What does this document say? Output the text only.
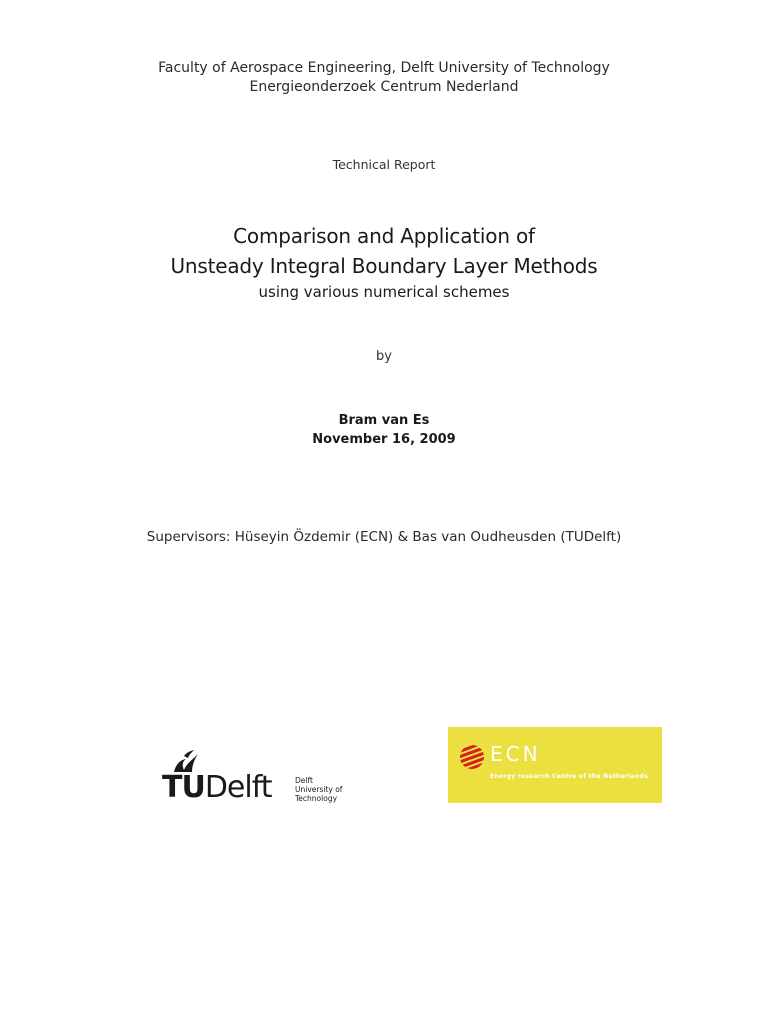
Faculty of Aerospace Engineering, Delft University of Technology
Energieonderzoek Centrum Nederland
Technical Report
Comparison and Application of
Unsteady Integral Boundary Layer Methods
using various numerical schemes
by
Bram van Es
November 16, 2009
Supervisors: Hüseyin Özdemir (ECN) & Bas van Oudheusden (TUDelft)
TUDelft	Delft
University of
Technology
ECN
Energy research Centre of the Netherlands
